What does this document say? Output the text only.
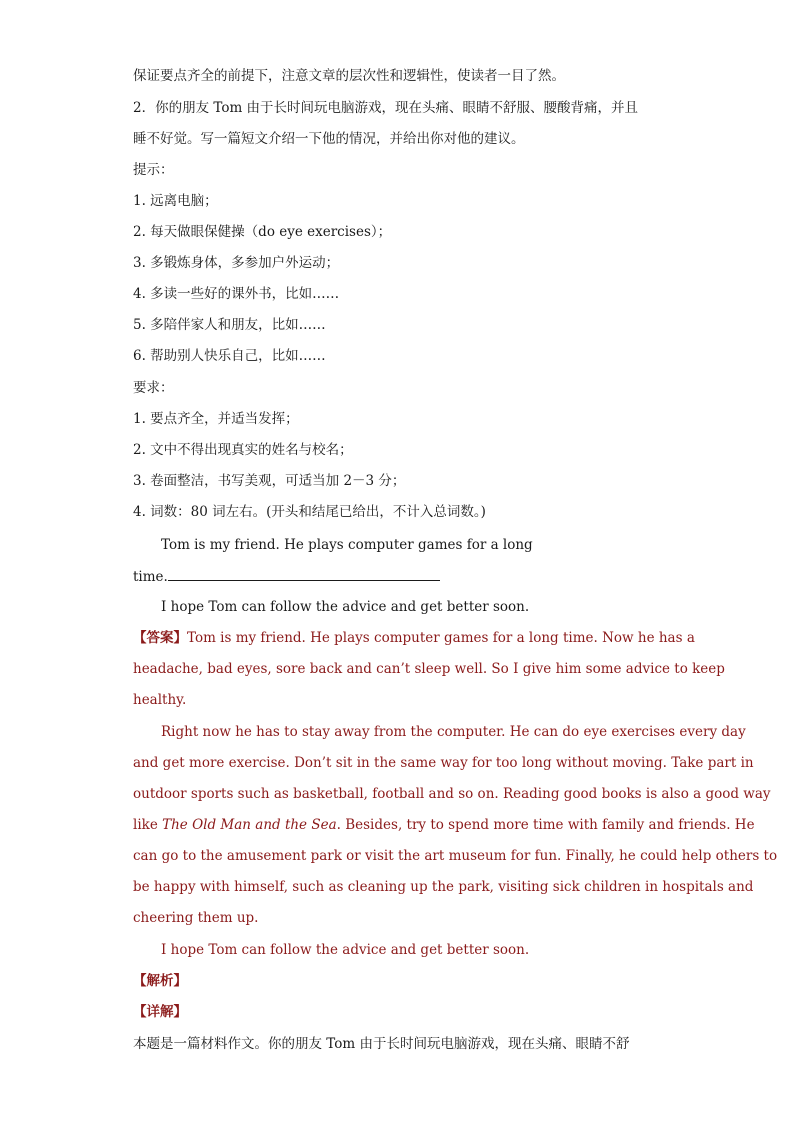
保证要点齐全的前提下，注意文章的层次性和逻辑性，使读者一目了然。
2．你的朋友 Tom 由于长时间玩电脑游戏，现在头痛、眼睛不舒服、腰酸背痛，并且
睡不好觉。写一篇短文介绍一下他的情况，并给出你对他的建议。
提示：
1. 远离电脑；
2. 每天做眼保健操（do eye exercises）；
3. 多锻炼身体，多参加户外运动；
4. 多读一些好的课外书，比如……
5. 多陪伴家人和朋友，比如……
6. 帮助别人快乐自己，比如……
要求：
1. 要点齐全，并适当发挥；
2. 文中不得出现真实的姓名与校名；
3. 卷面整洁，书写美观，可适当加 2－3 分；
4. 词数：80 词左右。(开头和结尾已给出，不计入总词数。)
Tom is my friend. He plays computer games for a long
time.
I hope Tom can follow the advice and get better soon.
【答案】Tom is my friend. He plays computer games for a long time. Now he has a
headache, bad eyes, sore back and can’t sleep well. So I give him some advice to keep
healthy.
Right now he has to stay away from the computer. He can do eye exercises every day
and get more exercise. Don’t sit in the same way for too long without moving. Take part in
outdoor sports such as basketball, football and so on. Reading good books is also a good way
like The Old Man and the Sea. Besides, try to spend more time with family and friends. He
can go to the amusement park or visit the art museum for fun. Finally, he could help others to
be happy with himself, such as cleaning up the park, visiting sick children in hospitals and
cheering them up.
I hope Tom can follow the advice and get better soon.
【解析】
【详解】
本题是一篇材料作文。你的朋友 Tom 由于长时间玩电脑游戏，现在头痛、眼睛不舒
